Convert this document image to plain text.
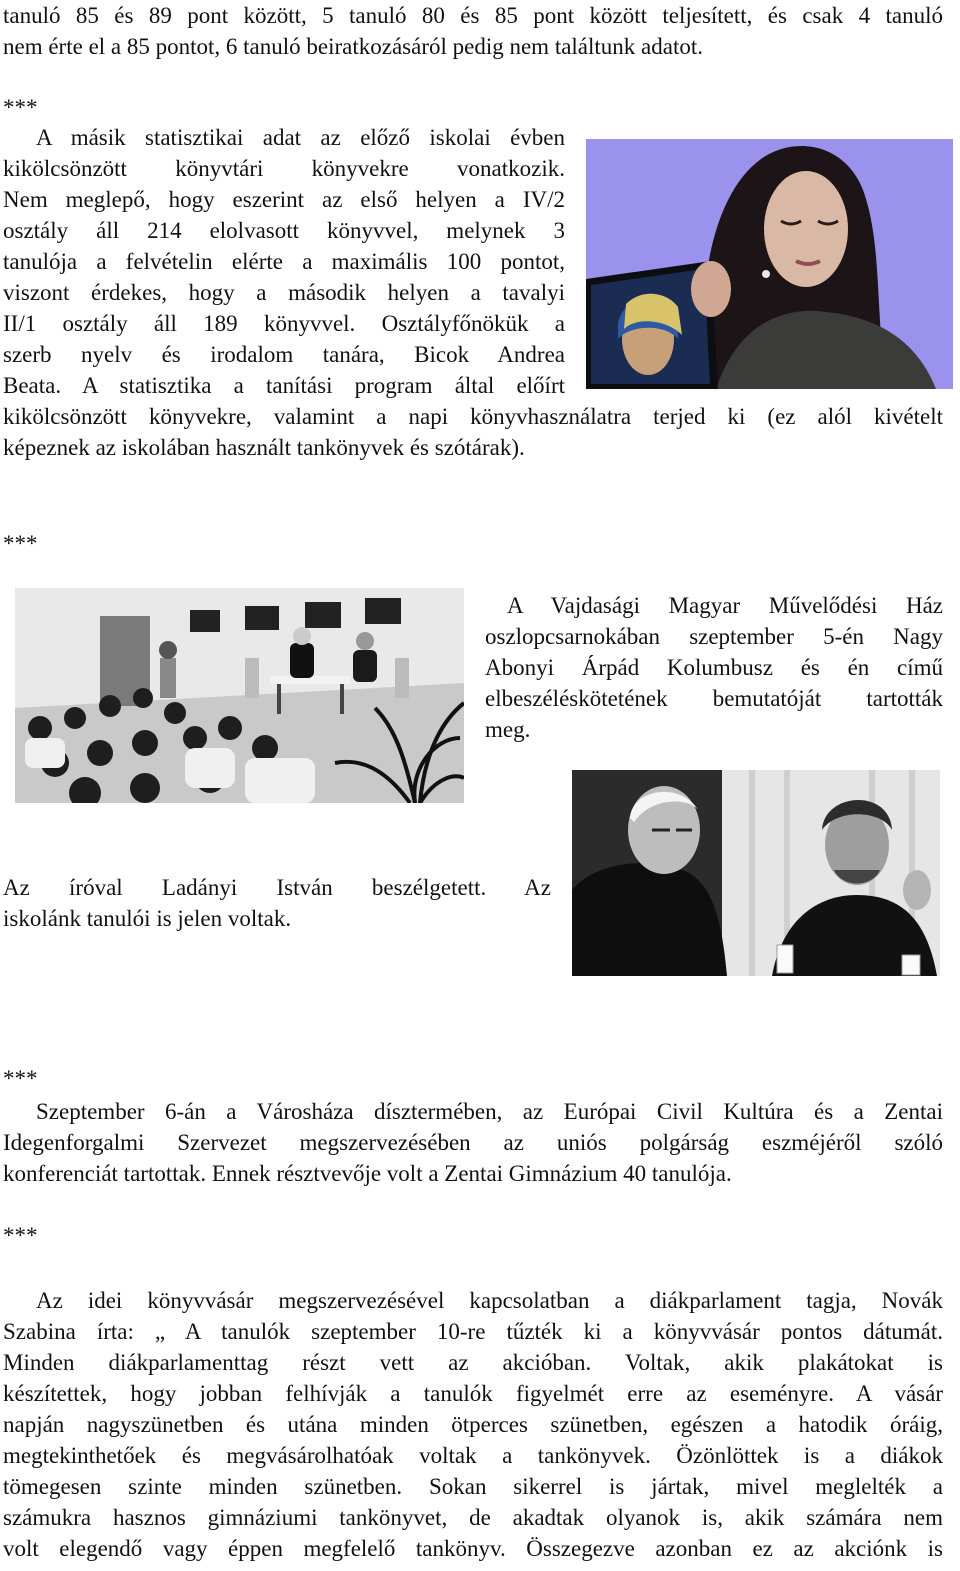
tanuló 85 és 89 pont között, 5 tanuló 80 és 85 pont között teljesített, és csak 4 tanuló

nem érte el a 85 pontot, 6 tanuló beiratkozásáról pedig nem találtunk adatot.

***

A másik statisztikai adat az előző iskolai évben

kikölcsönzött könyvtári könyvekre vonatkozik.

Nem meglepő, hogy eszerint az első helyen a IV/2

osztály áll 214 elolvasott könyvvel, melynek 3

tanulója a felvételin elérte a maximális 100 pontot,

viszont érdekes, hogy a második helyen a tavalyi

II/1 osztály áll 189 könyvvel. Osztályfőnökük a

szerb nyelv és irodalom tanára, Bicok Andrea

Beata. A statisztika a tanítási program által előírt

kikölcsönzött könyvekre, valamint a napi könyvhasználatra terjed ki (ez alól kivételt

képeznek az iskolában használt tankönyvek és szótárak).

***

A Vajdasági Magyar Művelődési Ház

oszlopcsarnokában szeptember 5-én Nagy

Abonyi Árpád Kolumbusz és én című

elbeszéléskötetének bemutatóját tartották

meg.

Az íróval Ladányi István beszélgetett. Az

iskolánk tanulói is jelen voltak.

***

Szeptember 6-án a Városháza dísztermében, az Európai Civil Kultúra és a Zentai

Idegenforgalmi Szervezet megszervezésében az uniós polgárság eszméjéről szóló

konferenciát tartottak. Ennek résztvevője volt a Zentai Gimnázium 40 tanulója.

***

Az idei könyvvásár megszervezésével kapcsolatban a diákparlament tagja, Novák

Szabina írta: „ A tanulók szeptember 10-re tűzték ki a könyvvásár pontos dátumát.

Minden diákparlamenttag részt vett az akcióban. Voltak, akik plakátokat is

készítettek, hogy jobban felhívják a tanulók figyelmét erre az eseményre. A vásár

napján nagyszünetben és utána minden ötperces szünetben, egészen a hatodik óráig,

megtekinthetőek és megvásárolhatóak voltak a tankönyvek. Özönlöttek is a diákok

tömegesen szinte minden szünetben. Sokan sikerrel is jártak, mivel meglelték a

számukra hasznos gimnáziumi tankönyvet, de akadtak olyanok is, akik számára nem

volt elegendő vagy éppen megfelelő tankönyv. Összegezve azonban ez az akciónk is
